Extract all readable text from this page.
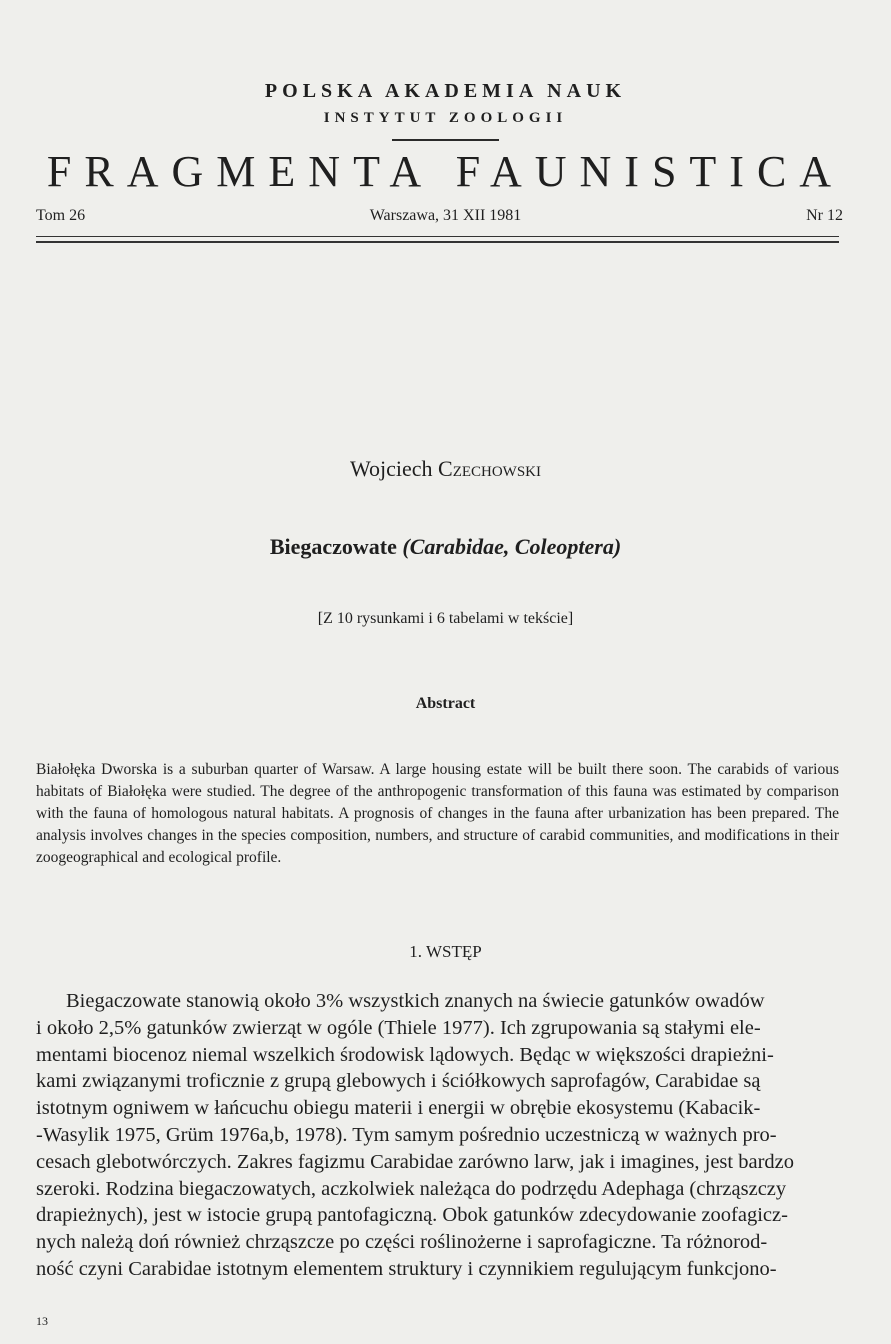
POLSKA AKADEMIA NAUK
INSTYTUT ZOOLOGII
FRAGMENTA FAUNISTICA
Warszawa, 31 XII 1981
Tom 26	Nr 12
Wojciech Czechowski
Biegaczowate (Carabidae, Coleoptera)
[Z 10 rysunkami i 6 tabelami w tekście]
Abstract
Białołęka Dworska is a suburban quarter of Warsaw. A large housing estate will be built there soon. The carabids of various habitats of Białołęka were studied. The degree of the anthropogenic transformation of this fauna was estimated by comparison with the fauna of homologous natural habitats. A prognosis of changes in the fauna after urbanization has been prepared. The analysis involves changes in the species composition, numbers, and structure of carabid communities, and modifications in their zoogeographical and ecological profile.
1. WSTĘP
Biegaczowate stanowią około 3% wszystkich znanych na świecie gatunków owadów
i około 2,5% gatunków zwierząt w ogóle (Thiele 1977). Ich zgrupowania są stałymi ele-
mentami biocenoz niemal wszelkich środowisk lądowych. Będąc w większości drapieżni-
kami związanymi troficznie z grupą glebowych i ściółkowych saprofagów, Carabidae są
istotnym ogniwem w łańcuchu obiegu materii i energii w obrębie ekosystemu (Kabacik-
-Wasylik 1975, Grüm 1976a,b, 1978). Tym samym pośrednio uczestniczą w ważnych pro-
cesach glebotwórczych. Zakres fagizmu Carabidae zarówno larw, jak i imagines, jest bardzo
szeroki. Rodzina biegaczowatych, aczkolwiek należąca do podrzędu Adephaga (chrząszczy
drapieżnych), jest w istocie grupą pantofagiczną. Obok gatunków zdecydowanie zoofagicz-
nych należą doń również chrząszcze po części roślinożerne i saprofagiczne. Ta różnorod-
ność czyni Carabidae istotnym elementem struktury i czynnikiem regulującym funkcjono-
13
